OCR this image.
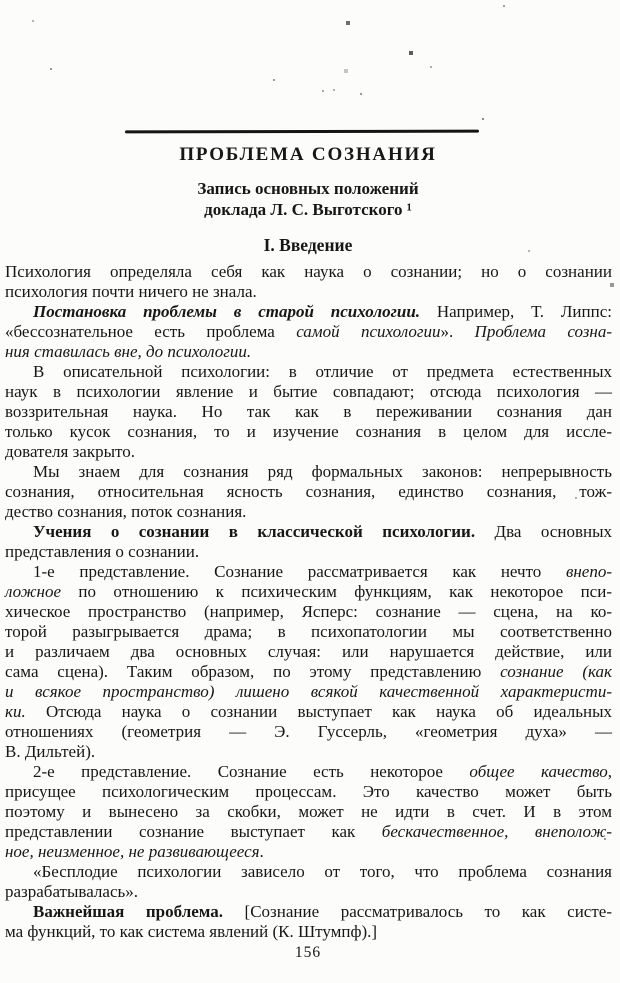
ПРОБЛЕМА СОЗНАНИЯ
Запись основных положений
доклада Л. С. Выготского ¹
I. Введение
Психология определяла себя как наука о сознании; но о сознании
психология почти ничего не знала.
Постановка проблемы в старой психологии. Например, Т. Липпс:
«бессознательное есть проблема самой психологии». Проблема созна-
ния ставилась вне, до психологии.
В описательной психологии: в отличие от предмета естественных
наук в психологии явление и бытие совпадают; отсюда психология —
воззрительная наука. Но так как в переживании сознания дан
только кусок сознания, то и изучение сознания в целом для иссле-
дователя закрыто.
Мы знаем для сознания ряд формальных законов: непрерывность
сознания, относительная ясность сознания, единство сознания, тож-
дество сознания, поток сознания.
Учения о сознании в классической психологии. Два основных
представления о сознании.
1-е представление. Сознание рассматривается как нечто внепо-
ложное по отношению к психическим функциям, как некоторое пси-
хическое пространство (например, Ясперс: сознание — сцена, на ко-
торой разыгрывается драма; в психопатологии мы соответственно
и различаем два основных случая: или нарушается действие, или
сама сцена). Таким образом, по этому представлению сознание (как
и всякое пространство) лишено всякой качественной характеристи-
ки. Отсюда наука о сознании выступает как наука об идеальных
отношениях (геометрия — Э. Гуссерль, «геометрия духа» —
В. Дильтей).
2-е представление. Сознание есть некоторое общее качество,
присущее психологическим процессам. Это качество может быть
поэтому и вынесено за скобки, может не идти в счет. И в этом
представлении сознание выступает как бескачественное, внеполож-
ное, неизменное, не развивающееся.
«Бесплодие психологии зависело от того, что проблема сознания
разрабатывалась».
Важнейшая проблема. [Сознание рассматривалось то как систе-
ма функций, то как система явлений (К. Штумпф).]
156
